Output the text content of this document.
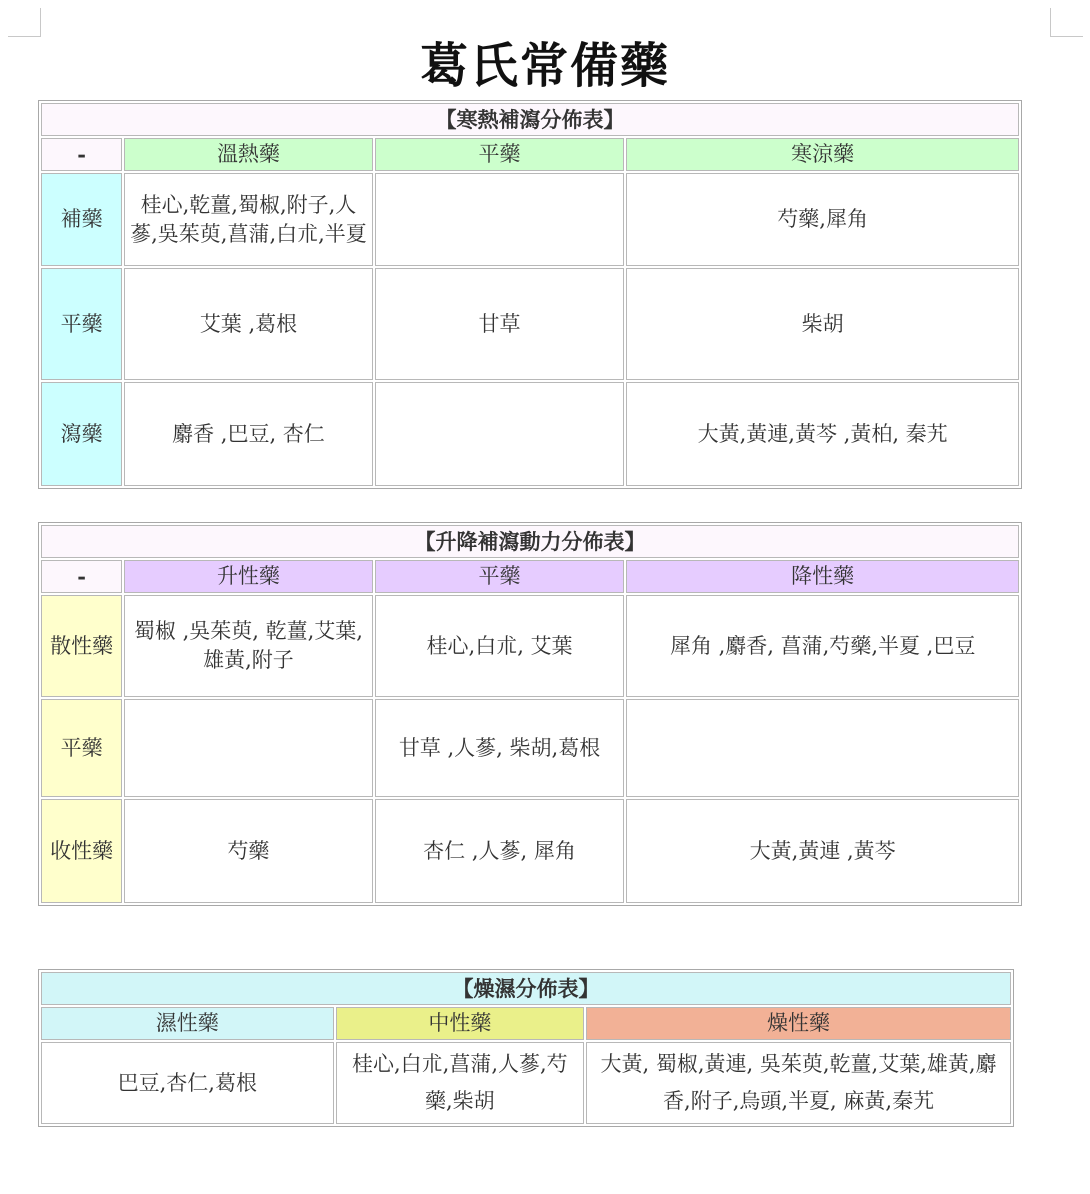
葛氏常備藥
【寒熱補瀉分佈表】			
-	溫熱藥	平藥	寒涼藥
補藥	桂心,乾薑,蜀椒,附子,人蔘,吳茱萸,菖蒲,白朮,半夏		芍藥,犀角
平藥	艾葉 ,葛根	甘草	柴胡
瀉藥	麝香 ,巴豆, 杏仁		大黃,黃連,黃芩 ,黃柏, 秦艽
【升降補瀉動力分佈表】			
-	升性藥	平藥	降性藥
散性藥	蜀椒 ,吳茱萸, 乾薑,艾葉,雄黃,附子	桂心,白朮, 艾葉	犀角 ,麝香, 菖蒲,芍藥,半夏 ,巴豆
平藥		甘草 ,人蔘, 柴胡,葛根	
收性藥	芍藥	杏仁 ,人蔘, 犀角	大黃,黃連 ,黃芩
【燥濕分佈表】		
濕性藥	中性藥	燥性藥
巴豆,杏仁,葛根	桂心,白朮,菖蒲,人蔘,芍藥,柴胡	大黃, 蜀椒,黃連, 吳茱萸,乾薑,艾葉,雄黃,麝香,附子,烏頭,半夏, 麻黃,秦艽
